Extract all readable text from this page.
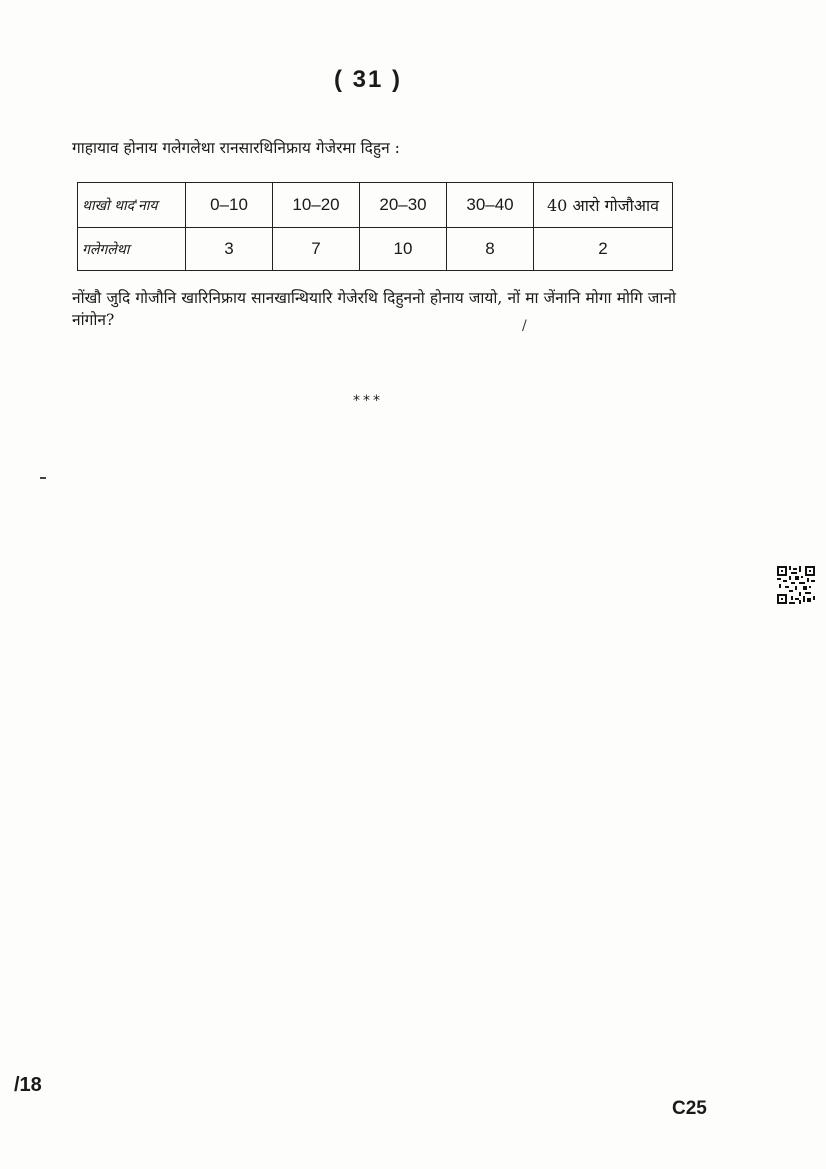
( 31 )
गाहायाव होनाय गलेगलेथा रानसारथिनिफ्राय गेजेरमा दिहुन :
थाखो थाद'नाय	0–10	10–20	20–30	30–40	40 आरो गोजौआव
गलेगलेथा	3	7	10	8	2
नोंखौ जुदि गोजौनि खारिनिफ्राय सानखान्थियारि गेजेरथि दिहुननो होनाय जायो, नों मा जेंनानि मोगा मोगि जानो नांगोन?	/
***
/18
C25
